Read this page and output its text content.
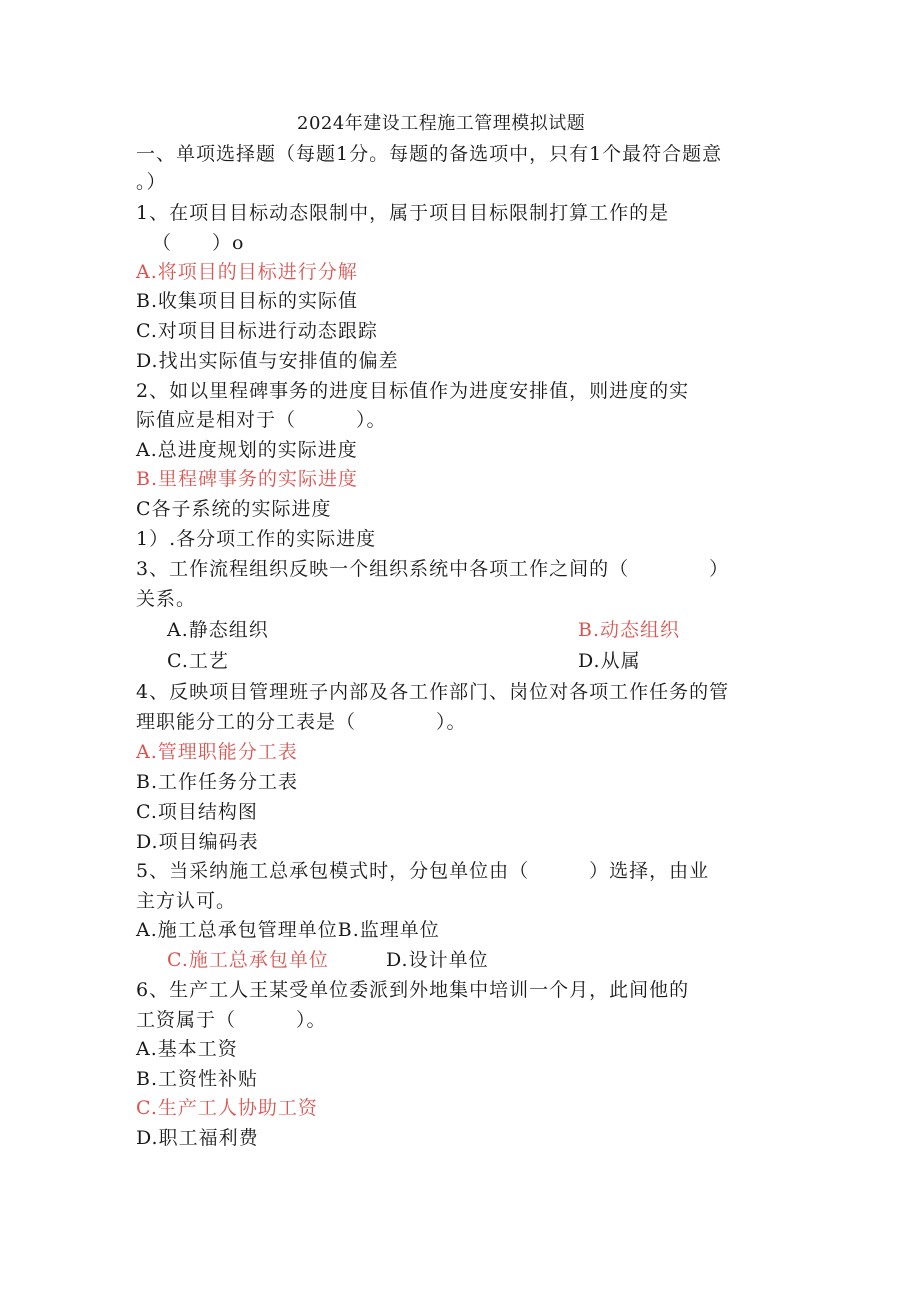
2024年建设工程施工管理模拟试题
一、单项选择题（每题1分。每题的备选项中，只有1个最符合题意
。）
1、在项目目标动态限制中，属于项目目标限制打算工作的是
（　　）o
A.将项目的目标进行分解
B.收集项目目标的实际值
C.对项目目标进行动态跟踪
D.找出实际值与安排值的偏差
2、如以里程碑事务的进度目标值作为进度安排值，则进度的实
际值应是相对于（　　　）。
A.总进度规划的实际进度
B.里程碑事务的实际进度
C各子系统的实际进度
1）.各分项工作的实际进度
3、工作流程组织反映一个组织系统中各项工作之间的（　　　　）
关系。
A.静态组织	B.动态组织
C.工艺	D.从属
4、反映项目管理班子内部及各工作部门、岗位对各项工作任务的管
理职能分工的分工表是（　　　　）。
A.管理职能分工表
B.工作任务分工表
C.项目结构图
D.项目编码表
5、当采纳施工总承包模式时，分包单位由（　　　）选择，由业
主方认可。
A.施工总承包管理单位B.监理单位
C.施工总承包单位	D.设计单位
6、生产工人王某受单位委派到外地集中培训一个月，此间他的
工资属于（　　　）。
A.基本工资
B.工资性补贴
C.生产工人协助工资
D.职工福利费
